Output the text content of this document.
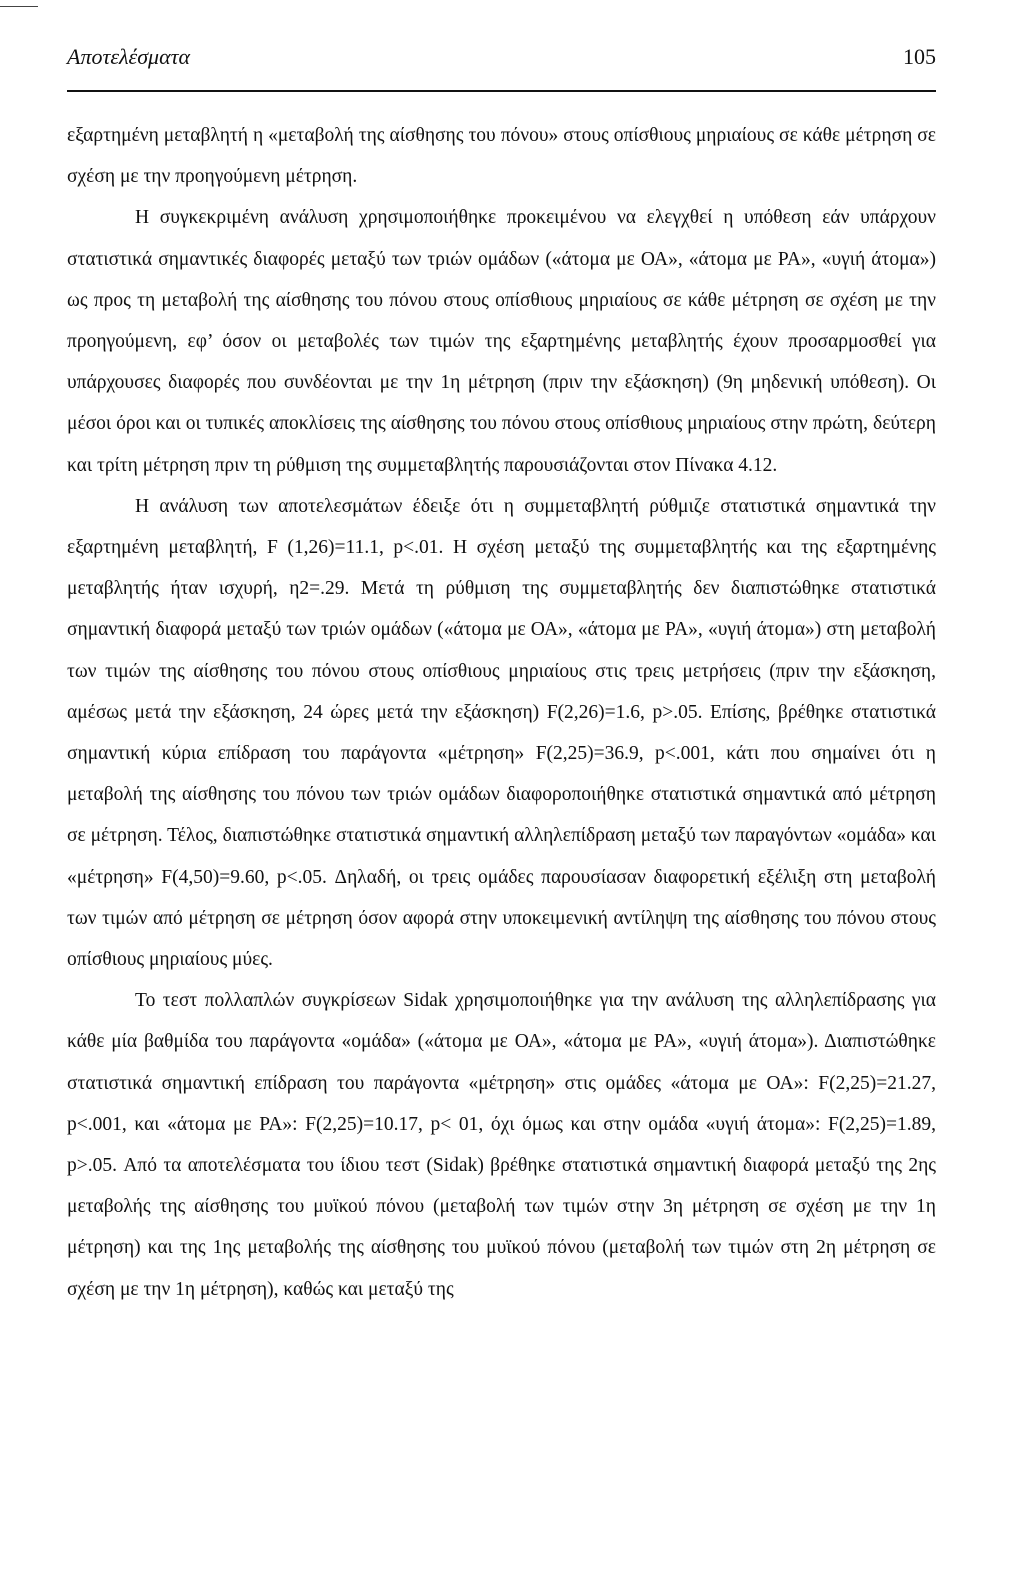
Αποτελέσματα	105

εξαρτημένη μεταβλητή η «μεταβολή της αίσθησης του πόνου» στους οπίσθιους μηριαίους σε κάθε μέτρηση σε σχέση με την προηγούμενη μέτρηση.

Η συγκεκριμένη ανάλυση χρησιμοποιήθηκε προκειμένου να ελεγχθεί η υπόθεση εάν υπάρχουν στατιστικά σημαντικές διαφορές μεταξύ των τριών ομάδων («άτομα με ΟΑ», «άτομα με ΡΑ», «υγιή άτομα») ως προς τη μεταβολή της αίσθησης του πόνου στους οπίσθιους μηριαίους σε κάθε μέτρηση σε σχέση με την προηγούμενη, εφ’ όσον οι μεταβολές των τιμών της εξαρτημένης μεταβλητής έχουν προσαρμοσθεί για υπάρχουσες διαφορές που συνδέονται με την 1η μέτρηση (πριν την εξάσκηση) (9η μηδενική υπόθεση). Οι μέσοι όροι και οι τυπικές αποκλίσεις της αίσθησης του πόνου στους οπίσθιους μηριαίους στην πρώτη, δεύτερη και τρίτη μέτρηση πριν τη ρύθμιση της συμμεταβλητής παρουσιάζονται στον Πίνακα 4.12.

Η ανάλυση των αποτελεσμάτων έδειξε ότι η συμμεταβλητή ρύθμιζε στατιστικά σημαντικά την εξαρτημένη μεταβλητή, F (1,26)=11.1, p<.01. Η σχέση μεταξύ της συμμεταβλητής και της εξαρτημένης μεταβλητής ήταν ισχυρή, η2=.29. Μετά τη ρύθμιση της συμμεταβλητής δεν διαπιστώθηκε στατιστικά σημαντική διαφορά μεταξύ των τριών ομάδων («άτομα με ΟΑ», «άτομα με ΡΑ», «υγιή άτομα») στη μεταβολή των τιμών της αίσθησης του πόνου στους οπίσθιους μηριαίους στις τρεις μετρήσεις (πριν την εξάσκηση, αμέσως μετά την εξάσκηση, 24 ώρες μετά την εξάσκηση) F(2,26)=1.6, p>.05. Επίσης, βρέθηκε στατιστικά σημαντική κύρια επίδραση του παράγοντα «μέτρηση» F(2,25)=36.9, p<.001, κάτι που σημαίνει ότι η μεταβολή της αίσθησης του πόνου των τριών ομάδων διαφοροποιήθηκε στατιστικά σημαντικά από μέτρηση σε μέτρηση. Τέλος, διαπιστώθηκε στατιστικά σημαντική αλληλεπίδραση μεταξύ των παραγόντων «ομάδα» και «μέτρηση» F(4,50)=9.60, p<.05. Δηλαδή, οι τρεις ομάδες παρουσίασαν διαφορετική εξέλιξη στη μεταβολή των τιμών από μέτρηση σε μέτρηση όσον αφορά στην υποκειμενική αντίληψη της αίσθησης του πόνου στους οπίσθιους μηριαίους μύες.

Το τεστ πολλαπλών συγκρίσεων Sidak χρησιμοποιήθηκε για την ανάλυση της αλληλεπίδρασης για κάθε μία βαθμίδα του παράγοντα «ομάδα» («άτομα με ΟΑ», «άτομα με ΡΑ», «υγιή άτομα»). Διαπιστώθηκε στατιστικά σημαντική επίδραση του παράγοντα «μέτρηση» στις ομάδες «άτομα με ΟΑ»: F(2,25)=21.27, p<.001, και «άτομα με ΡΑ»: F(2,25)=10.17, p< 01, όχι όμως και στην ομάδα «υγιή άτομα»: F(2,25)=1.89, p>.05. Από τα αποτελέσματα του ίδιου τεστ (Sidak) βρέθηκε στατιστικά σημαντική διαφορά μεταξύ της 2ης μεταβολής της αίσθησης του μυϊκού πόνου (μεταβολή των τιμών στην 3η μέτρηση σε σχέση με την 1η μέτρηση) και της 1ης μεταβολής της αίσθησης του μυϊκού πόνου (μεταβολή των τιμών στη 2η μέτρηση σε σχέση με την 1η μέτρηση), καθώς και μεταξύ της
